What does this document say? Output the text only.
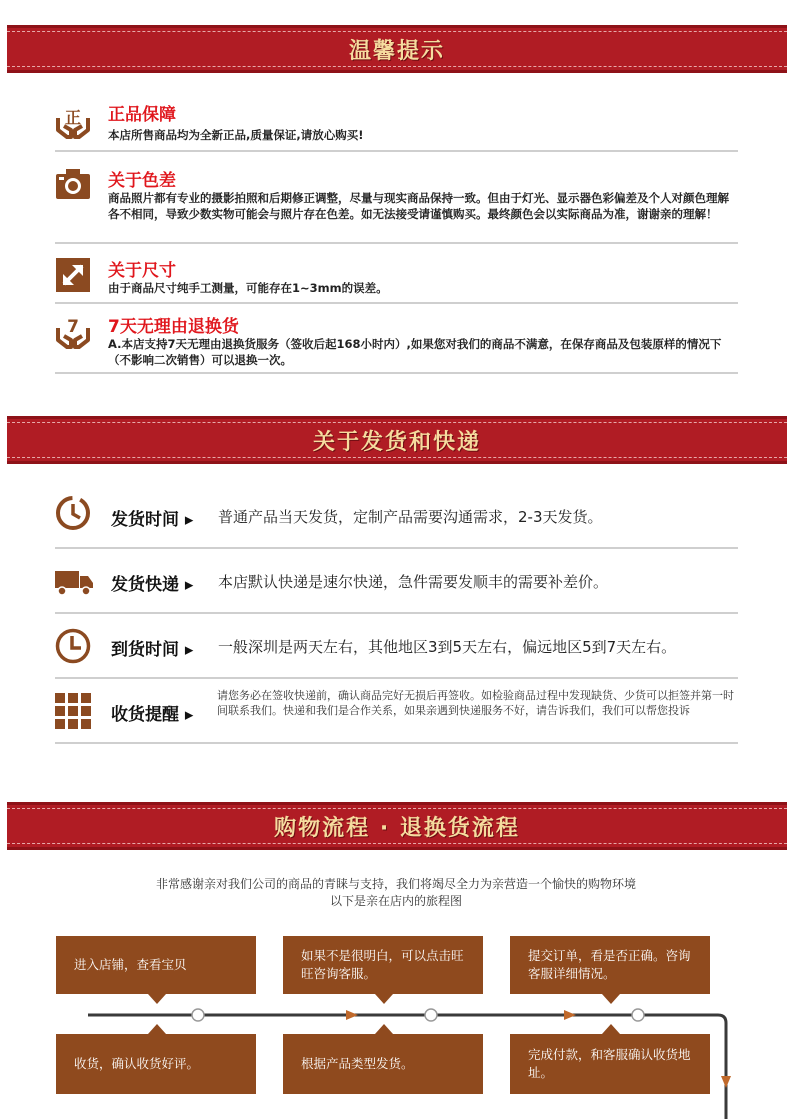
温馨提示
正 正品保障
本店所售商品均为全新正品,质量保证,请放心购买!
关于色差
商品照片都有专业的摄影拍照和后期修正调整，尽量与现实商品保持一致。但由于灯光、显示器色彩偏差及个人对颜色理解各不相同，导致少数实物可能会与照片存在色差。如无法接受请谨慎购买。最终颜色会以实际商品为准，谢谢亲的理解！
关于尺寸
由于商品尺寸纯手工测量，可能存在1~3mm的误差。
7 7天无理由退换货
A.本店支持7天无理由退换货服务（签收后起168小时内）,如果您对我们的商品不满意，在保存商品及包装原样的情况下（不影响二次销售）可以退换一次。
关于发货和快递
发货时间 ▸ 普通产品当天发货，定制产品需要沟通需求，2-3天发货。
发货快递 ▸ 本店默认快递是速尔快递，急件需要发顺丰的需要补差价。
到货时间 ▸ 一般深圳是两天左右，其他地区3到5天左右，偏远地区5到7天左右。
收货提醒 ▸
请您务必在签收快递前，确认商品完好无损后再签收。如检验商品过程中发现缺货、少货可以拒签并第一时间联系我们。快递和我们是合作关系，如果亲遇到快递服务不好，请告诉我们，我们可以帮您投诉
购物流程 · 退换货流程
非常感谢亲对我们公司的商品的青睐与支持，我们将竭尽全力为亲营造一个愉快的购物环境
以下是亲在店内的旅程图
进入店铺，查看宝贝
如果不是很明白，可以点击旺旺咨询客服。
提交订单，看是否正确。咨询客服详细情况。
收货，确认收货好评。	根据产品类型发货。
完成付款，和客服确认收货地址。
